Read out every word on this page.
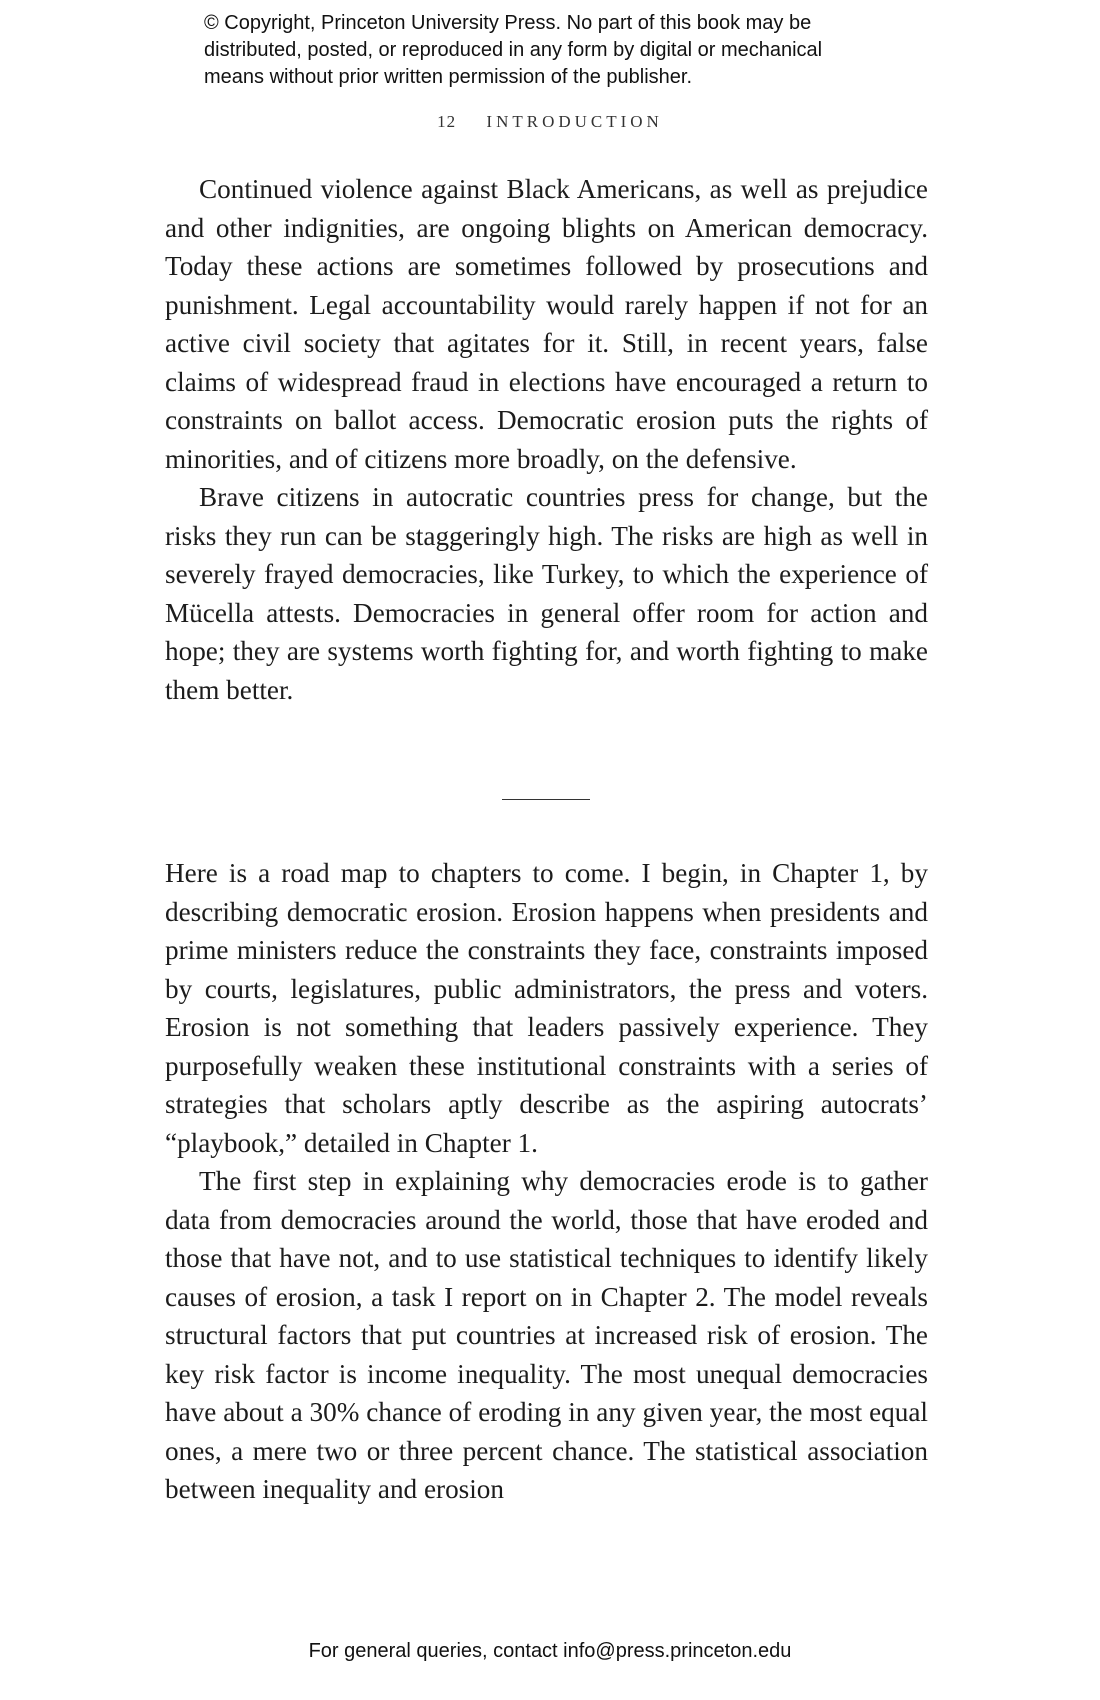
© Copyright, Princeton University Press. No part of this book may be

distributed, posted, or reproduced in any form by digital or mechanical

means without prior written permission of the publisher.

12 INTRODUCTION

Continued violence against Black Americans, as well as prejudice and other indignities, are ongoing blights on American democracy. Today these actions are sometimes followed by prosecutions and punishment. Legal accountability would rarely happen if not for an active civil society that agitates for it. Still, in recent years, false claims of widespread fraud in elections have encouraged a return to constraints on ballot access. Democratic erosion puts the rights of minorities, and of citizens more broadly, on the defensive.

Brave citizens in autocratic countries press for change, but the risks they run can be staggeringly high. The risks are high as well in severely frayed democracies, like Turkey, to which the experience of Mücella attests. Democracies in general offer room for action and hope; they are systems worth fighting for, and worth fighting to make them better.

Here is a road map to chapters to come. I begin, in Chapter 1, by describing democratic erosion. Erosion happens when presidents and prime ministers reduce the constraints they face, constraints imposed by courts, legislatures, public administrators, the press and voters. Erosion is not something that leaders passively experience. They purposefully weaken these institutional constraints with a series of strategies that scholars aptly describe as the aspiring autocrats’ “playbook,” detailed in Chapter 1.

The first step in explaining why democracies erode is to gather data from democracies around the world, those that have eroded and those that have not, and to use statistical techniques to identify likely causes of erosion, a task I report on in Chapter 2. The model reveals structural factors that put countries at increased risk of erosion. The key risk factor is income inequality. The most unequal democracies have about a 30% chance of eroding in any given year, the most equal ones, a mere two or three percent chance. The statistical association between inequality and erosion

For general queries, contact info@press.princeton.edu
